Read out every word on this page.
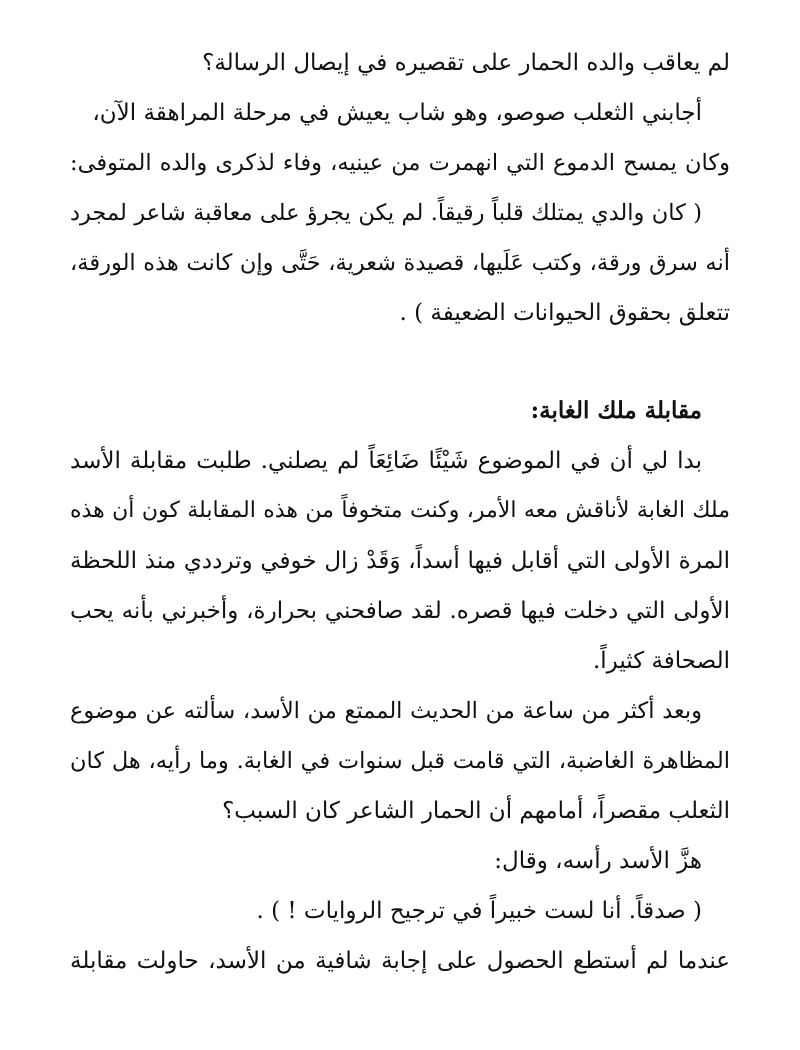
لم يعاقب والده الحمار على تقصيره في إيصال الرسالة؟
أجابني الثعلب صوصو، وهو شاب يعيش في مرحلة المراهقة الآن،
وكان يمسح الدموع التي انهمرت من عينيه، وفاء لذكرى والده المتوفى:
( كان والدي يمتلك قلباً رقيقاً. لم يكن يجرؤ على معاقبة شاعر لمجرد
أنه سرق ورقة، وكتب عَلَيها، قصيدة شعرية، حَتَّى وإن كانت هذه الورقة،
تتعلق بحقوق الحيوانات الضعيفة ) .
مقابلة ملك الغابة:
بدا لي أن في الموضوع شَيْئًا ضَائِعَاً لم يصلني. طلبت مقابلة الأسد
ملك الغابة لأناقش معه الأمر، وكنت متخوفاً من هذه المقابلة كون أن هذه
المرة الأولى التي أقابل فيها أسداً، وَقَدْ زال خوفي وترددي منذ اللحظة
الأولى التي دخلت فيها قصره. لقد صافحني بحرارة، وأخبرني بأنه يحب
الصحافة كثيراً.
وبعد أكثر من ساعة من الحديث الممتع من الأسد، سألته عن موضوع
المظاهرة الغاضبة، التي قامت قبل سنوات في الغابة. وما رأيه، هل كان
الثعلب مقصراً، أمامهم أن الحمار الشاعر كان السبب؟
هزَّ الأسد رأسه، وقال:
( صدقاً. أنا لست خبيراً في ترجيح الروايات ! ) .
عندما لم أستطع الحصول على إجابة شافية من الأسد، حاولت مقابلة
